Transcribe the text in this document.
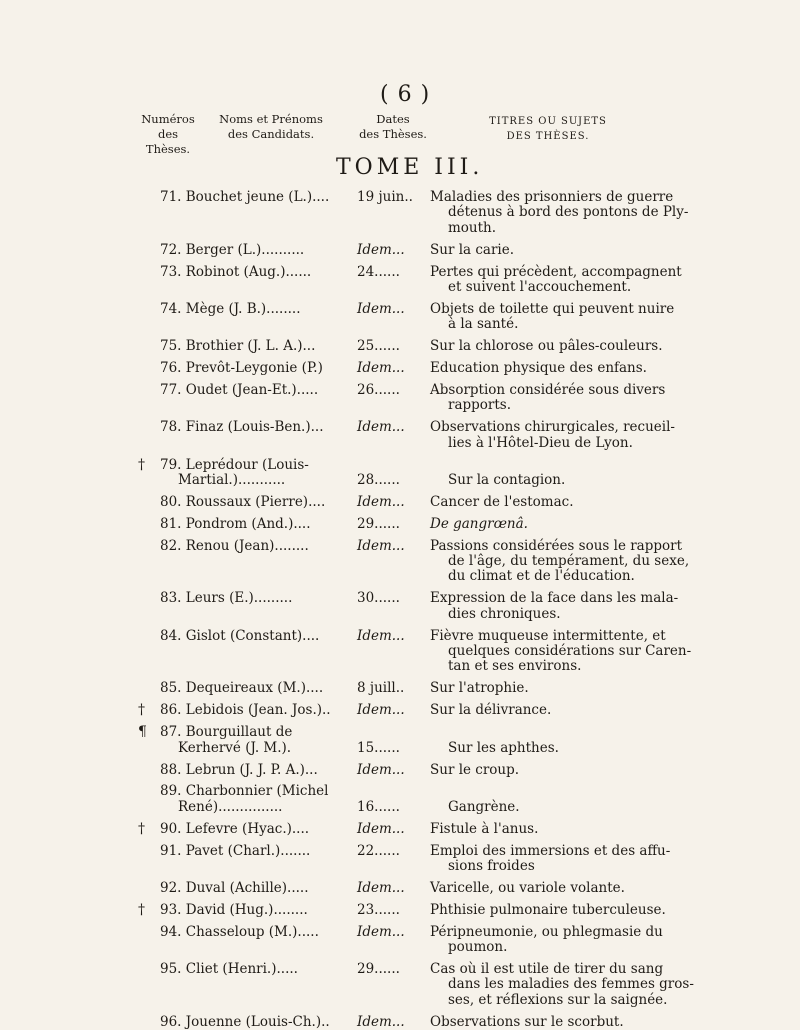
( 6 )
Numéros
des Thèses.
Noms et Prénoms
des Candidats.
Dates
des Thèses.
TITRES OU SUJETS
DES THÈSES.
TOME III.
71. Bouchet jeune (L.).... 19 juin.. Maladies des prisonniers de guerre
détenus à bord des pontons de Ply-
mouth.
72. Berger (L.)..........	Idem... Sur la carie.
73. Robinot (Aug.)......	24...... Pertes qui précèdent, accompagnent
et suivent l'accouchement.
74. Mège (J. B.)........	Idem... Objets de toilette qui peuvent nuire
à la santé.
75. Brothier (J. L. A.)...	25...... Sur la chlorose ou pâles-couleurs.
76. Prevôt-Leygonie (P.)	Idem... Education physique des enfans.
77. Oudet (Jean-Et.).....	26...... Absorption considérée sous divers
rapports.
78. Finaz (Louis-Ben.)... Idem... Observations chirurgicales, recueil-
lies à l'Hôtel-Dieu de Lyon.
† 79. Leprédour (Louis-
Martial.)...........	28......	Sur la contagion.
80. Roussaux (Pierre).... Idem... Cancer de l'estomac.
81. Pondrom (And.)....	29...... De gangrœnâ.
82. Renou (Jean)........	Idem... Passions considérées sous le rapport
de l'âge, du tempérament, du sexe,
du climat et de l'éducation.
83. Leurs (E.).........	30...... Expression de la face dans les mala-
dies chroniques.
84. Gislot (Constant)....	Idem... Fièvre muqueuse intermittente, et
quelques considérations sur Caren-
tan et ses environs.
85. Dequeireaux (M.)....	8 juill.. Sur l'atrophie.
† 86. Lebidois (Jean. Jos.).. Idem... Sur la délivrance.
¶ 87. Bourguillaut de
Kerhervé (J. M.).	15......	Sur les aphthes.
88. Lebrun (J. J. P. A.)...	Idem... Sur le croup.
89. Charbonnier (Michel
René)...............	16......	Gangrène.
† 90. Lefevre (Hyac.)....	Idem... Fistule à l'anus.
91. Pavet (Charl.).......	22...... Emploi des immersions et des affu-
sions froides
92. Duval (Achille).....	Idem... Varicelle, ou variole volante.
† 93. David (Hug.)........	23...... Phthisie pulmonaire tuberculeuse.
94. Chasseloup (M.).....	Idem... Péripneumonie, ou phlegmasie du
poumon.
95. Cliet (Henri.).....	29...... Cas où il est utile de tirer du sang
dans les maladies des femmes gros-
ses, et réflexions sur la saignée.
96. Jouenne (Louis-Ch.).. Idem... Observations sur le scorbut.
